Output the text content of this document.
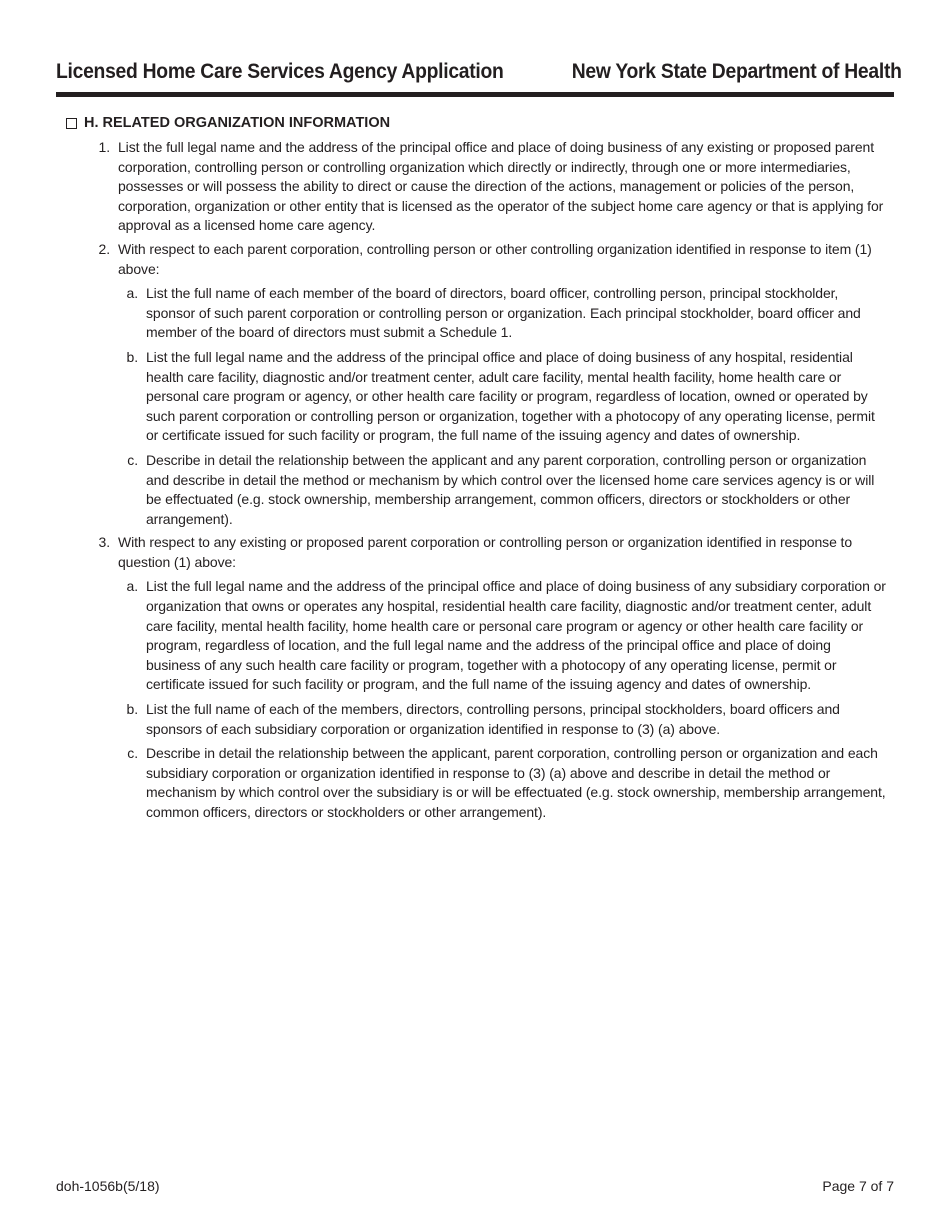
Licensed Home Care Services Agency Application	New York State Department of Health
H. RELATED ORGANIZATION INFORMATION
1. List the full legal name and the address of the principal office and place of doing business of any existing or proposed parent corporation, controlling person or controlling organization which directly or indirectly, through one or more intermediaries, possesses or will possess the ability to direct or cause the direction of the actions, management or policies of the person, corporation, organization or other entity that is licensed as the operator of the subject home care agency or that is applying for approval as a licensed home care agency.
2. With respect to each parent corporation, controlling person or other controlling organization identified in response to item (1) above:
a. List the full name of each member of the board of directors, board officer, controlling person, principal stockholder, sponsor of such parent corporation or controlling person or organization. Each principal stockholder, board officer and member of the board of directors must submit a Schedule 1.
b. List the full legal name and the address of the principal office and place of doing business of any hospital, residential health care facility, diagnostic and/or treatment center, adult care facility, mental health facility, home health care or personal care program or agency, or other health care facility or program, regardless of location, owned or operated by such parent corporation or controlling person or organization, together with a photocopy of any operating license, permit or certificate issued for such facility or program, the full name of the issuing agency and dates of ownership.
c. Describe in detail the relationship between the applicant and any parent corporation, controlling person or organization and describe in detail the method or mechanism by which control over the licensed home care services agency is or will be effectuated (e.g. stock ownership, membership arrangement, common officers, directors or stockholders or other arrangement).
3. With respect to any existing or proposed parent corporation or controlling person or organization identified in response to question (1) above:
a. List the full legal name and the address of the principal office and place of doing business of any subsidiary corporation or organization that owns or operates any hospital, residential health care facility, diagnostic and/or treatment center, adult care facility, mental health facility, home health care or personal care program or agency or other health care facility or program, regardless of location, and the full legal name and the address of the principal office and place of doing business of any such health care facility or program, together with a photocopy of any operating license, permit or certificate issued for such facility or program, and the full name of the issuing agency and dates of ownership.
b. List the full name of each of the members, directors, controlling persons, principal stockholders, board officers and sponsors of each subsidiary corporation or organization identified in response to (3) (a) above.
c. Describe in detail the relationship between the applicant, parent corporation, controlling person or organization and each subsidiary corporation or organization identified in response to (3) (a) above and describe in detail the method or mechanism by which control over the subsidiary is or will be effectuated (e.g. stock ownership, membership arrangement, common officers, directors or stockholders or other arrangement).
doh-1056b(5/18)	Page 7 of 7
